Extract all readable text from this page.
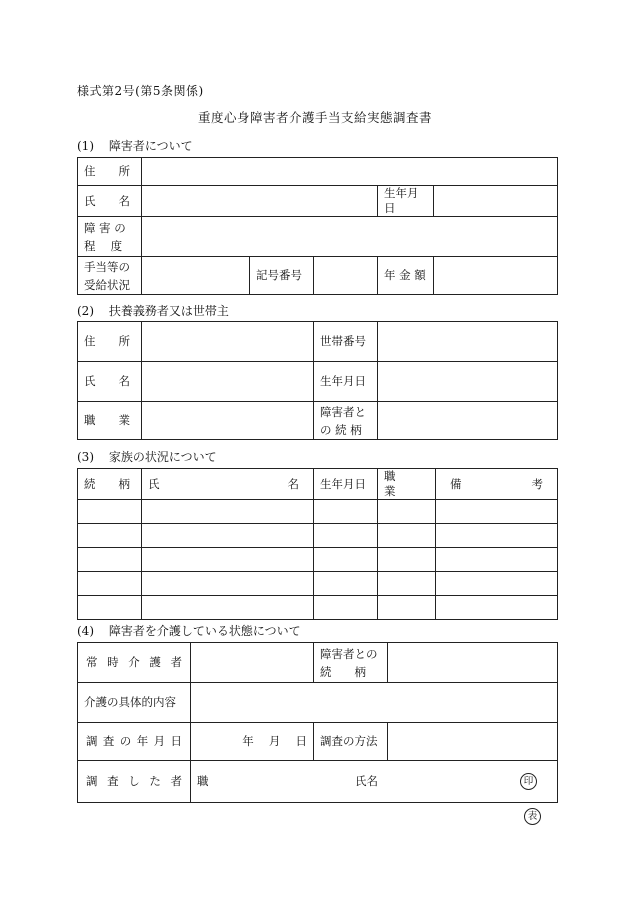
様式第2号(第5条関係)
重度心身障害者介護手当支給実態調査書
(1) 障害者について
住　　所					
氏　　名				生年月日	

障 害 の
程　 度					

手当等の
受給状況		記号番号		年 金 額	
(2) 扶養義務者又は世帯主
住　　所		世帯番号	
氏　　名		生年月日	
職　　業		障害者と
の 続 柄	

(3) 家族の状況について
続　　柄	氏 名	生年月日	職　　業	備 考

(4) 障害者を介護している状態について
常時介護者		障害者との
続　　柄	

介護の具体的内容			
調査の年月日	年　 月　 日	調査の方法	
調査した者	職 氏名 印		
表
